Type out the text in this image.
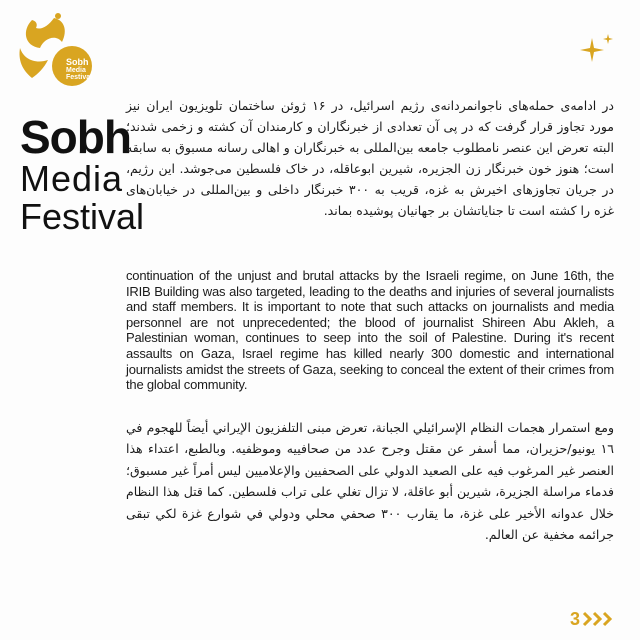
Sobh
Media
Festival
Sobh
Media
Festival

در ادامه‌ی حمله‌های ناجوانمردانه‌ی رژیم اسرائیل، در ۱۶ ژوئن ساختمان تلویزیون ایران نیز مورد تجاوز قرار گرفت که در پی آن تعدادی از خبرنگاران و کارمندان آن کشته و زخمی شدند؛ البته تعرض این عنصر نامطلوب جامعه بین‌المللی به خبرنگاران و اهالی رسانه مسبوق به سابقه است؛ هنوز خون خبرنگار زن الجزیره، شیرین ابوعاقله، در خاک فلسطین می‌جوشد. این رژیم، در جریان تجاوزهای اخیرش به غزه، قریب به ۳۰۰ خبرنگار داخلی و بین‌المللی در خیابان‌های غزه را کشته است تا جنایاتشان بر جهانیان پوشیده بماند.

continuation of the unjust and brutal attacks by the Israeli regime, on June 16th, the IRIB Building was also targeted, leading to the deaths and injuries of several journalists and staff members. It is important to note that such attacks on journalists and media personnel are not unprecedented; the blood of journalist Shireen Abu Akleh, a Palestinian woman, continues to seep into the soil of Palestine. During it's recent assaults on Gaza, Israel regime has killed nearly 300 domestic and international journalists amidst the streets of Gaza, seeking to conceal the extent of their crimes from the global community.

ومع استمرار هجمات النظام الإسرائيلي الجبانة، تعرض مبنى التلفزيون الإيراني أيضاً للهجوم في ١٦ يونيو/حزيران، مما أسفر عن مقتل وجرح عدد من صحافييه وموظفيه. وبالطبع، اعتداء هذا العنصر غير المرغوب فيه على الصعيد الدولي على الصحفيين والإعلاميين ليس أمراً غير مسبوق؛ فدماء مراسلة الجزيرة، شيرين أبو عاقلة، لا تزال تغلي على تراب فلسطين. كما قتل هذا النظام خلال عدوانه الأخير على غزة، ما يقارب ٣٠٠ صحفي محلي ودولي في شوارع غزة لكي تبقى جرائمه مخفية عن العالم.

3
